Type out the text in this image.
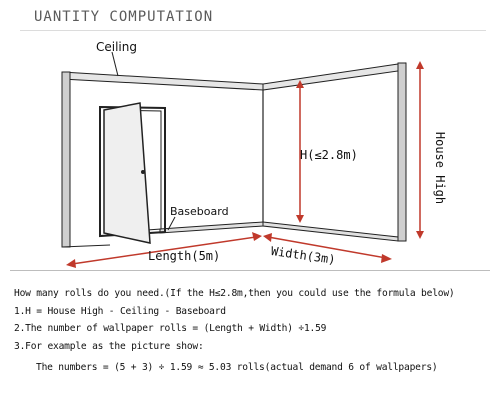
UANTITY COMPUTATION
Ceiling
Baseboard
H(≤2.8m)	House High
Length(5m)	Width(3m)
How many rolls do you need.(If the H≤2.8m,then you could use the formula below)
1.H = House High - Ceiling - Baseboard
2.The number of wallpaper rolls = (Length + Width) ÷1.59
3.For example as the picture show:
The numbers = (5 + 3) ÷ 1.59 ≈ 5.03 rolls(actual demand 6 of wallpapers)
